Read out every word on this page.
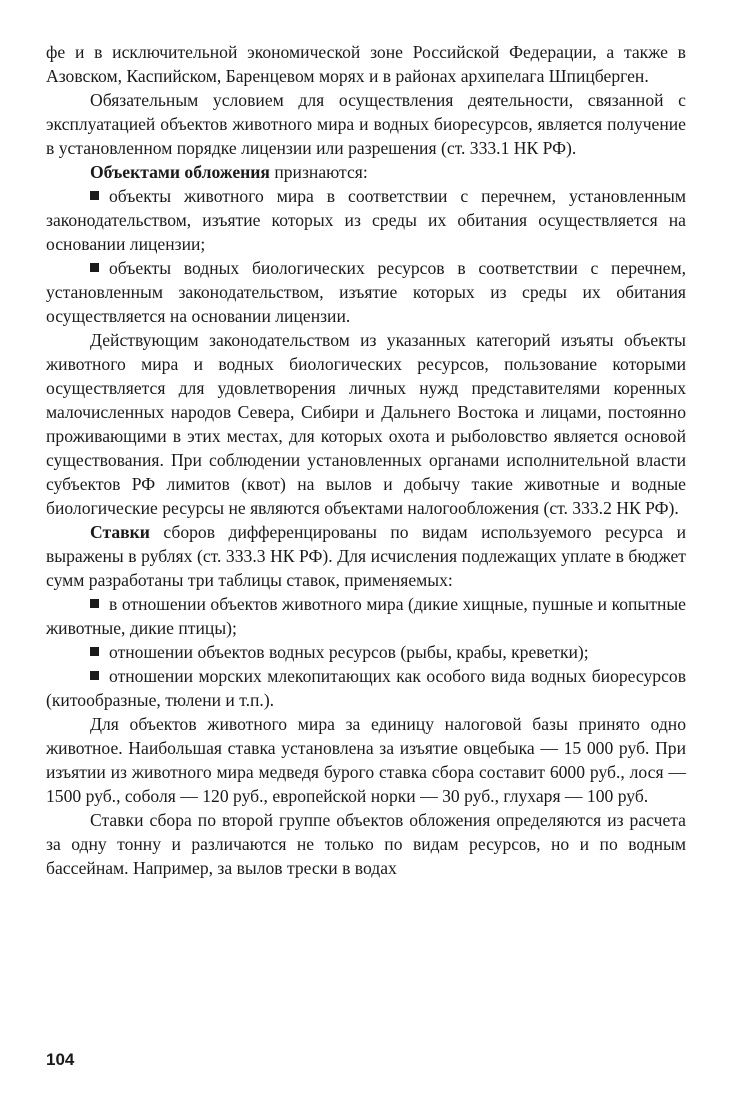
фе и в исключительной экономической зоне Российской Федерации, а также в Азовском, Каспийском, Баренцевом морях и в районах архипелага Шпицберген.

Обязательным условием для осуществления деятельности, связанной с эксплуатацией объектов животного мира и водных биоресурсов, является получение в установленном порядке лицензии или разрешения (ст. 333.1 НК РФ).

Объектами обложения признаются:

объекты животного мира в соответствии с перечнем, установленным законодательством, изъятие которых из среды их обитания осуществляется на основании лицензии;

объекты водных биологических ресурсов в соответствии с перечнем, установленным законодательством, изъятие которых из среды их обитания осуществляется на основании лицензии.

Действующим законодательством из указанных категорий изъяты объекты животного мира и водных биологических ресурсов, пользование которыми осуществляется для удовлетворения личных нужд представителями коренных малочисленных народов Севера, Сибири и Дальнего Востока и лицами, постоянно проживающими в этих местах, для которых охота и рыболовство является основой существования. При соблюдении установленных органами исполнительной власти субъектов РФ лимитов (квот) на вылов и добычу такие животные и водные биологические ресурсы не являются объектами налогообложения (ст. 333.2 НК РФ).

Ставки сборов дифференцированы по видам используемого ресурса и выражены в рублях (ст. 333.3 НК РФ). Для исчисления подлежащих уплате в бюджет сумм разработаны три таблицы ставок, применяемых:

в отношении объектов животного мира (дикие хищные, пушные и копытные животные, дикие птицы);

отношении объектов водных ресурсов (рыбы, крабы, креветки);

отношении морских млекопитающих как особого вида водных биоресурсов (китообразные, тюлени и т.п.).

Для объектов животного мира за единицу налоговой базы принято одно животное. Наибольшая ставка установлена за изъятие овцебыка — 15 000 руб. При изъятии из животного мира медведя бурого ставка сбора составит 6000 руб., лося — 1500 руб., соболя — 120 руб., европейской норки — 30 руб., глухаря — 100 руб.

Ставки сбора по второй группе объектов обложения определяются из расчета за одну тонну и различаются не только по видам ресурсов, но и по водным бассейнам. Например, за вылов трески в водах

104
